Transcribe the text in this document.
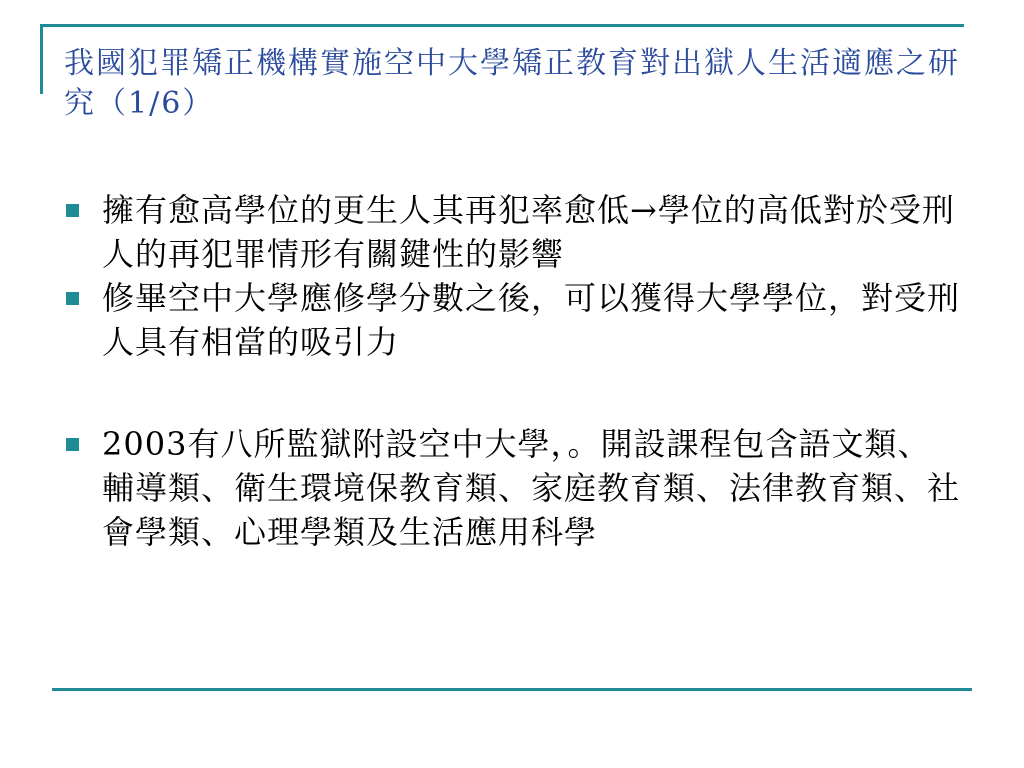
我國犯罪矯正機構實施空中大學矯正教育對出獄人生活適應之研究（1/6）
擁有愈高學位的更生人其再犯率愈低→學位的高低對於受刑人的再犯罪情形有關鍵性的影響
修畢空中大學應修學分數之後，可以獲得大學學位，對受刑人具有相當的吸引力
2003有八所監獄附設空中大學，。開設課程包含語文類、輔導類、衛生環境保教育類、家庭教育類、法律教育類、社會學類、心理學類及生活應用科學
